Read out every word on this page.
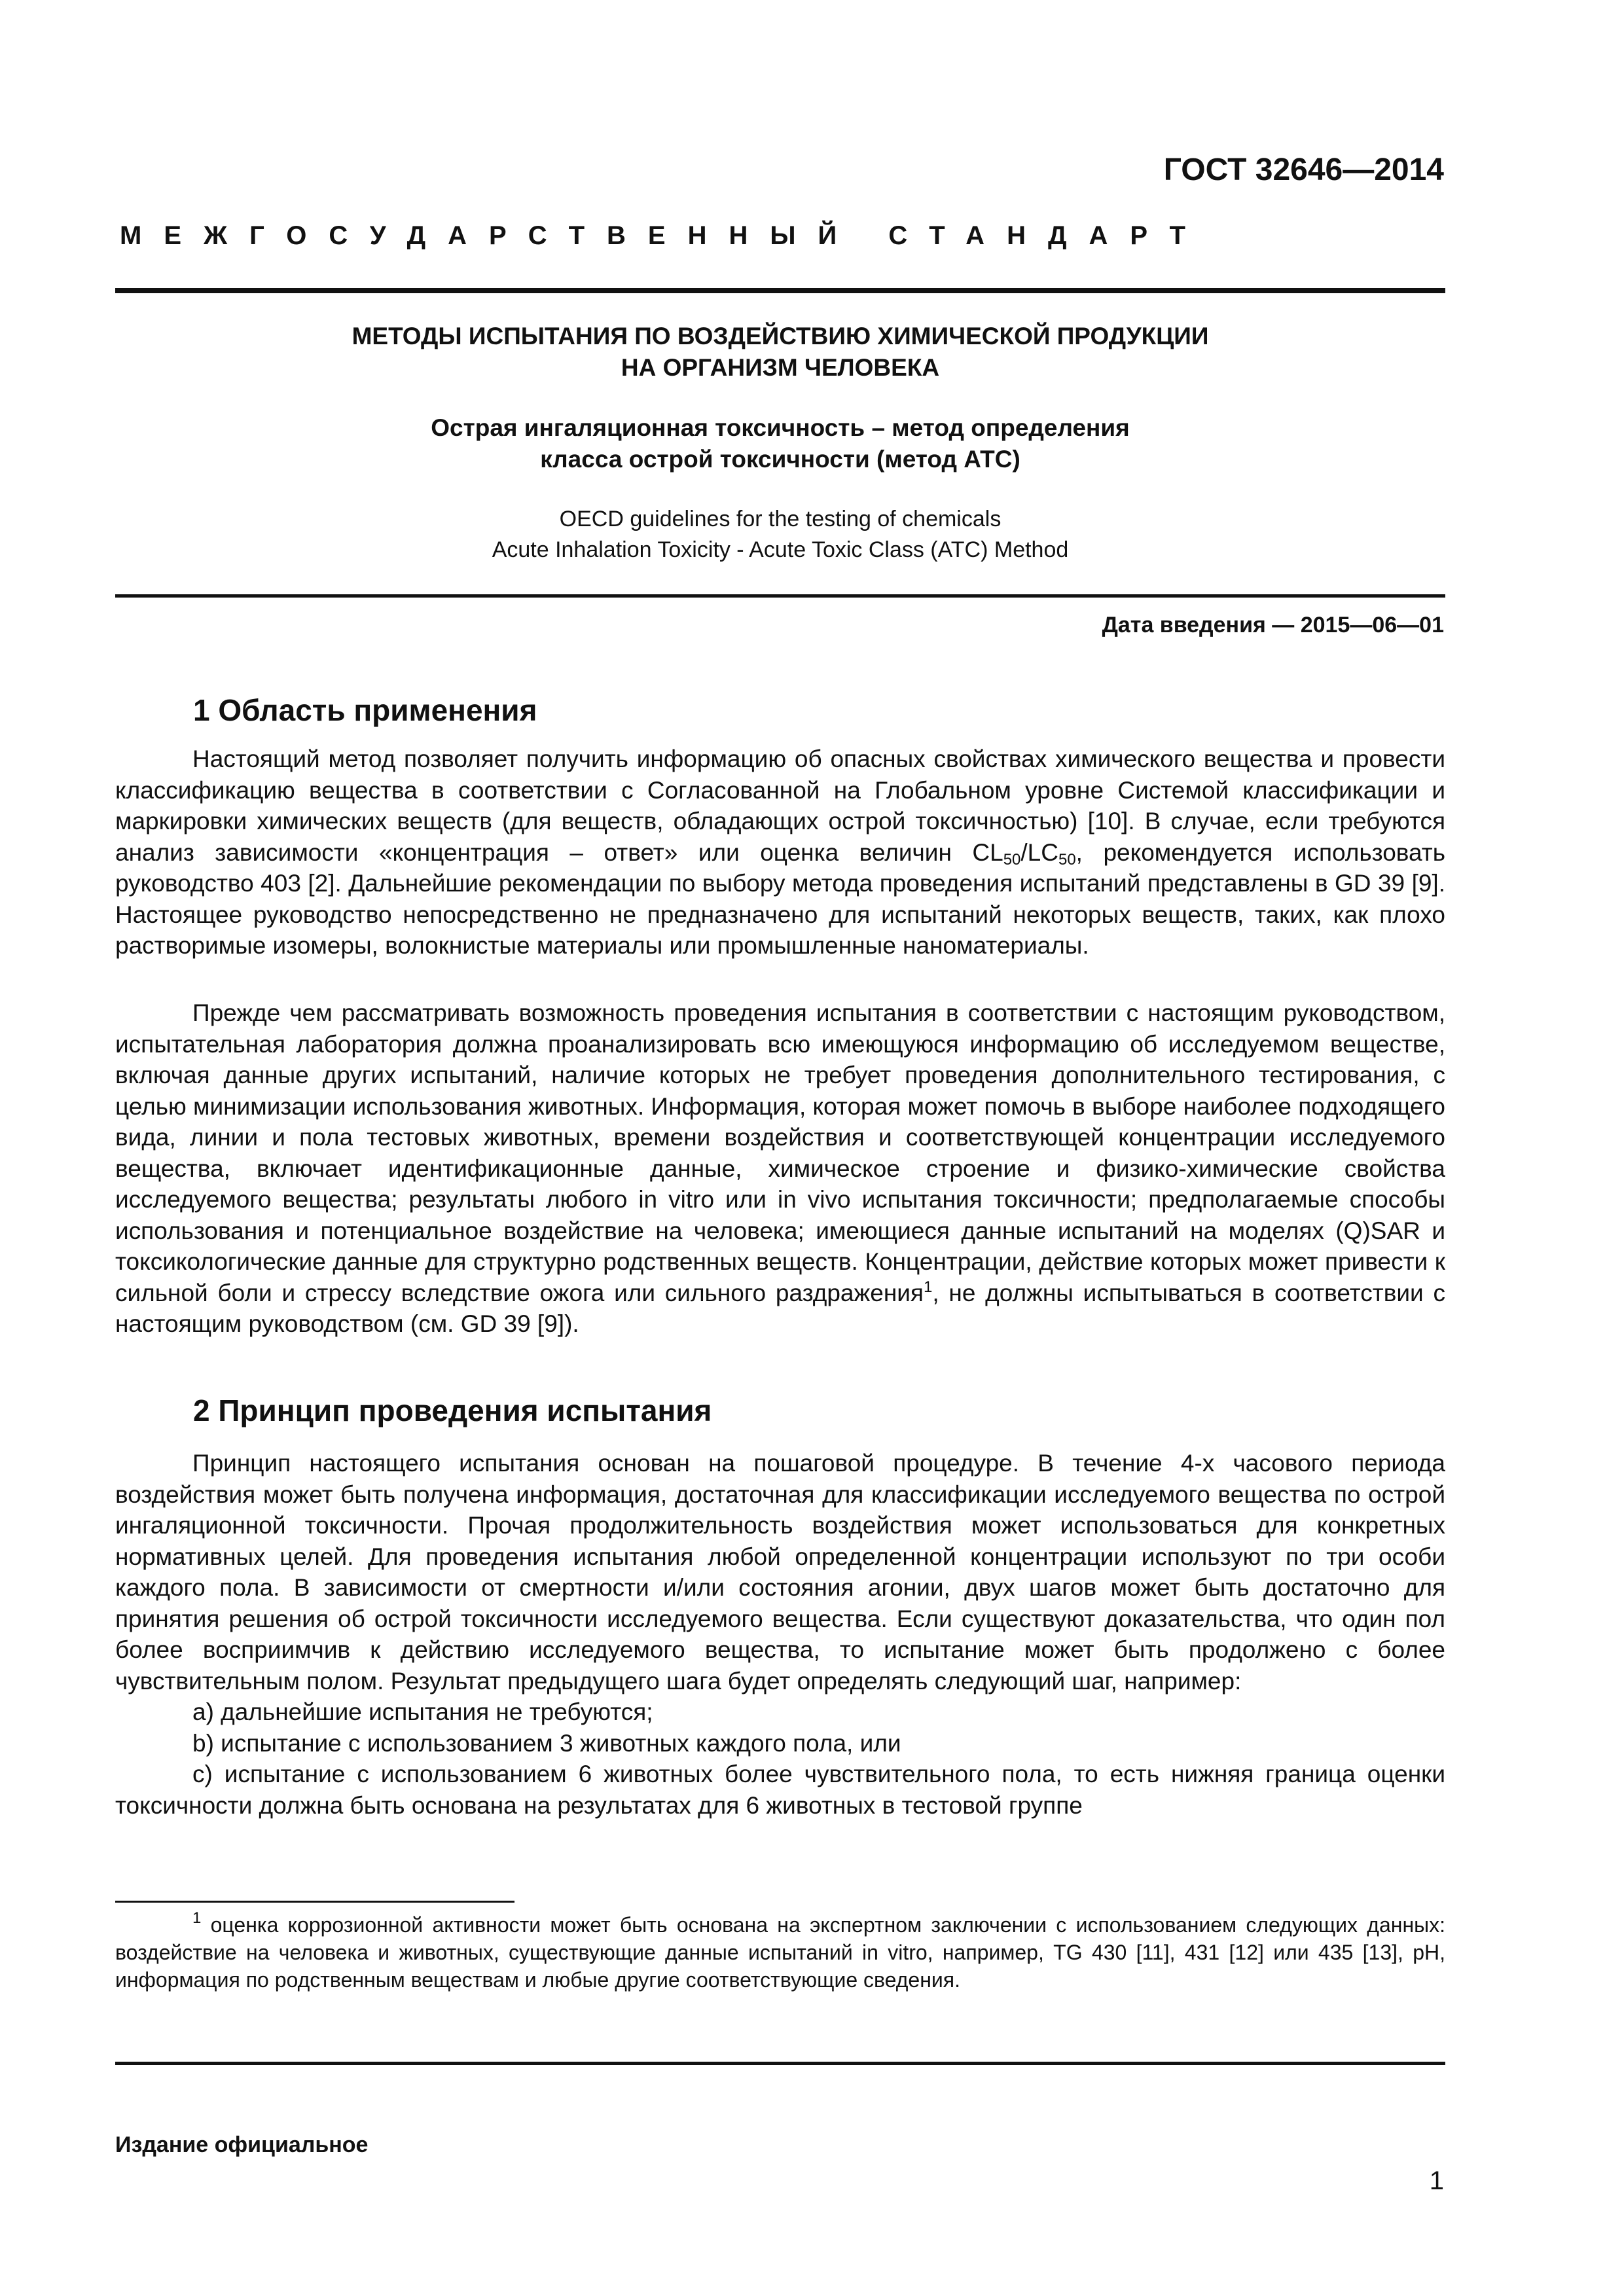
ГОСТ 32646—2014
МЕЖГОСУДАРСТВЕННЫЙ СТАНДАРТ
МЕТОДЫ ИСПЫТАНИЯ ПО ВОЗДЕЙСТВИЮ ХИМИЧЕСКОЙ ПРОДУКЦИИ
НА ОРГАНИЗМ ЧЕЛОВЕКА
Острая ингаляционная токсичность – метод определения
класса острой токсичности (метод АТС)
OECD guidelines for the testing of chemicals
Acute Inhalation Toxicity - Acute Toxic Class (ATC) Method
Дата введения — 2015—06—01
1 Область применения

Настоящий метод позволяет получить информацию об опасных свойствах химического вещества и провести классификацию вещества в соответствии с Согласованной на Глобальном уровне Системой классификации и маркировки химических веществ (для веществ, обладающих острой токсичностью) [10]. В случае, если требуются анализ зависимости «концентрация – ответ» или оценка величин $CL_{50}/LC_{50}$, рекомендуется использовать руководство 403 [2]. Дальнейшие рекомендации по выбору метода проведения испытаний представлены в GD 39 [9]. Настоящее руководство непосредственно не предназначено для испытаний некоторых веществ, таких, как плохо растворимые изомеры, волокнистые материалы или промышленные наноматериалы.

Прежде чем рассматривать возможность проведения испытания в соответствии с настоящим руководством, испытательная лаборатория должна проанализировать всю имеющуюся информацию об исследуемом веществе, включая данные других испытаний, наличие которых не требует проведения дополнительного тестирования, с целью минимизации использования животных. Информация, которая может помочь в выборе наиболее подходящего вида, линии и пола тестовых животных, времени воздействия и соответствующей концентрации исследуемого вещества, включает идентификационные данные, химическое строение и физико-химические свойства исследуемого вещества; результаты любого in vitro или in vivo испытания токсичности; предполагаемые способы использования и потенциальное воздействие на человека; имеющиеся данные испытаний на моделях (Q)SAR и токсикологические данные для структурно родственных веществ. Концентрации, действие которых может привести к сильной боли и стрессу вследствие ожога или сильного раздражения$^1$, не должны испытываться в соответствии с настоящим руководством (см. GD 39 [9]).

2 Принцип проведения испытания
Принцип настоящего испытания основан на пошаговой процедуре. В течение 4-х часового периода воздействия может быть получена информация, достаточная для классификации исследуемого вещества по острой ингаляционной токсичности. Прочая продолжительность воздействия может использоваться для конкретных нормативных целей. Для проведения испытания любой определенной концентрации используют по три особи каждого пола. В зависимости от смертности и/или состояния агонии, двух шагов может быть достаточно для принятия решения об острой токсичности исследуемого вещества. Если существуют доказательства, что один пол более восприимчив к действию исследуемого вещества, то испытание может быть продолжено с более чувствительным полом. Результат предыдущего шага будет определять следующий шаг, например:
a) дальнейшие испытания не требуются;
b) испытание с использованием 3 животных каждого пола, или
c) испытание с использованием 6 животных более чувствительного пола, то есть нижняя граница оценки токсичности должна быть основана на результатах для 6 животных в тестовой группе

$^1$ оценка коррозионной активности может быть основана на экспертном заключении с использованием следующих данных: воздействие на человека и животных, существующие данные испытаний in vitro, например, TG 430 [11], 431 [12] или 435 [13], pH, информация по родственным веществам и любые другие соответствующие сведения.

Издание официальное
1
